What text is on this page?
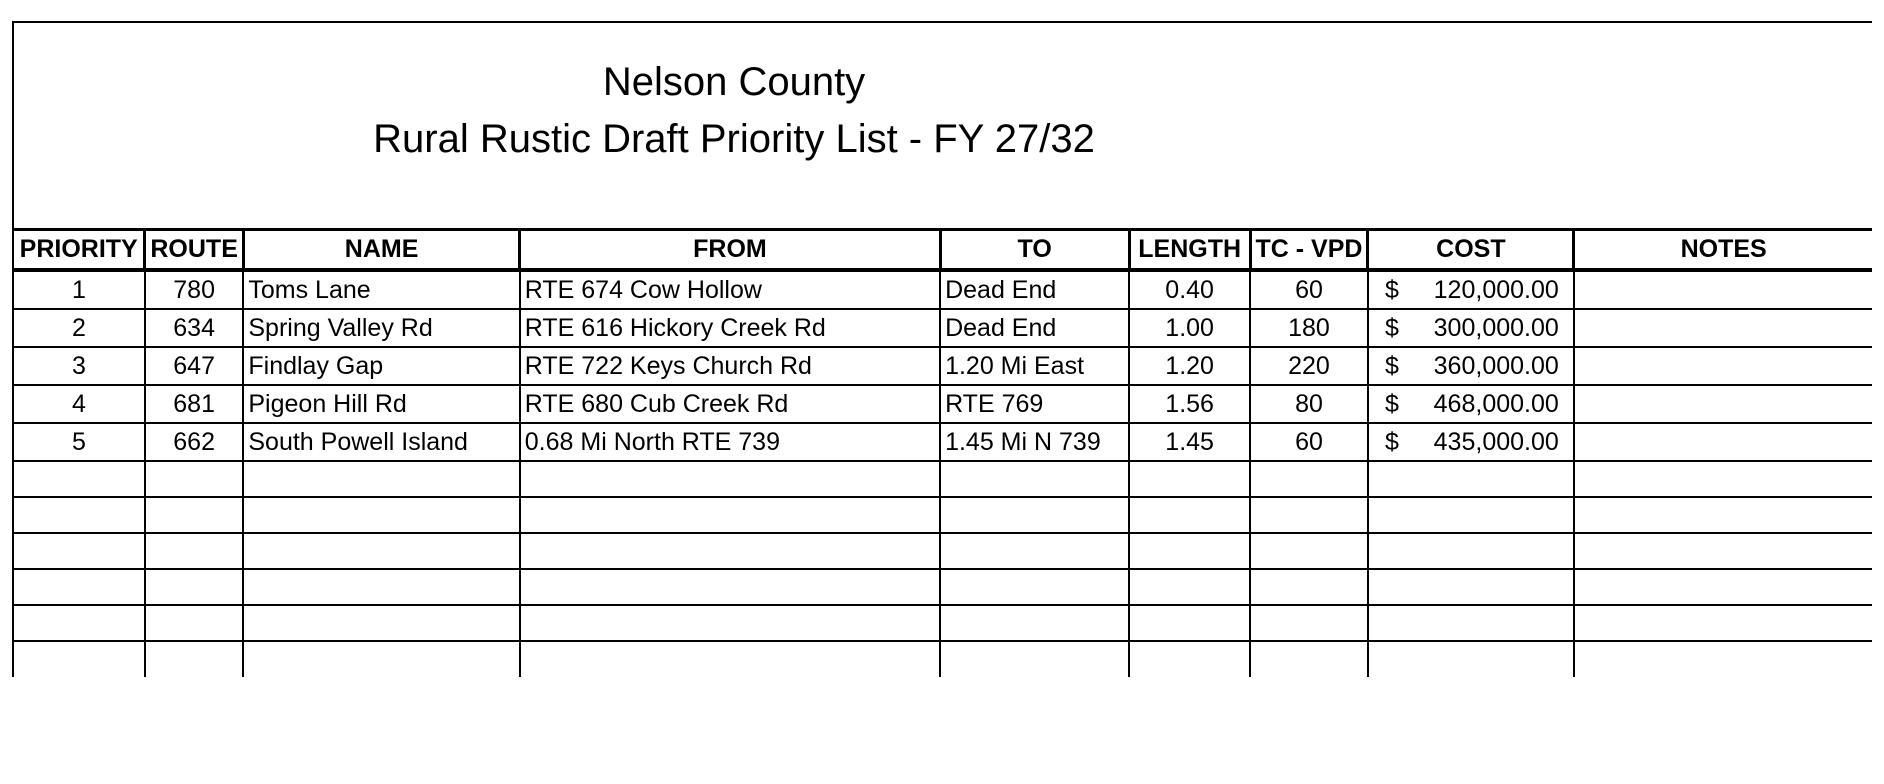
Nelson County
Rural Rustic Draft Priority List - FY 27/32
PRIORITY	ROUTE	NAME	FROM	TO	LENGTH	TC - VPD	COST	NOTES
1	780	Toms Lane	RTE 674 Cow Hollow	Dead End	0.40	60	$ 120,000.00	

2	634	Spring Valley Rd	RTE 616 Hickory Creek Rd	Dead End	1.00	180	$ 300,000.00	

3	647	Findlay Gap	RTE 722 Keys Church Rd	1.20 Mi East	1.20	220	$ 360,000.00	

4	681	Pigeon Hill Rd	RTE 680 Cub Creek Rd	RTE 769	1.56	80	$ 468,000.00	

5	662	South Powell Island	0.68 Mi North RTE 739	1.45 Mi N 739	1.45	60	$ 435,000.00	
